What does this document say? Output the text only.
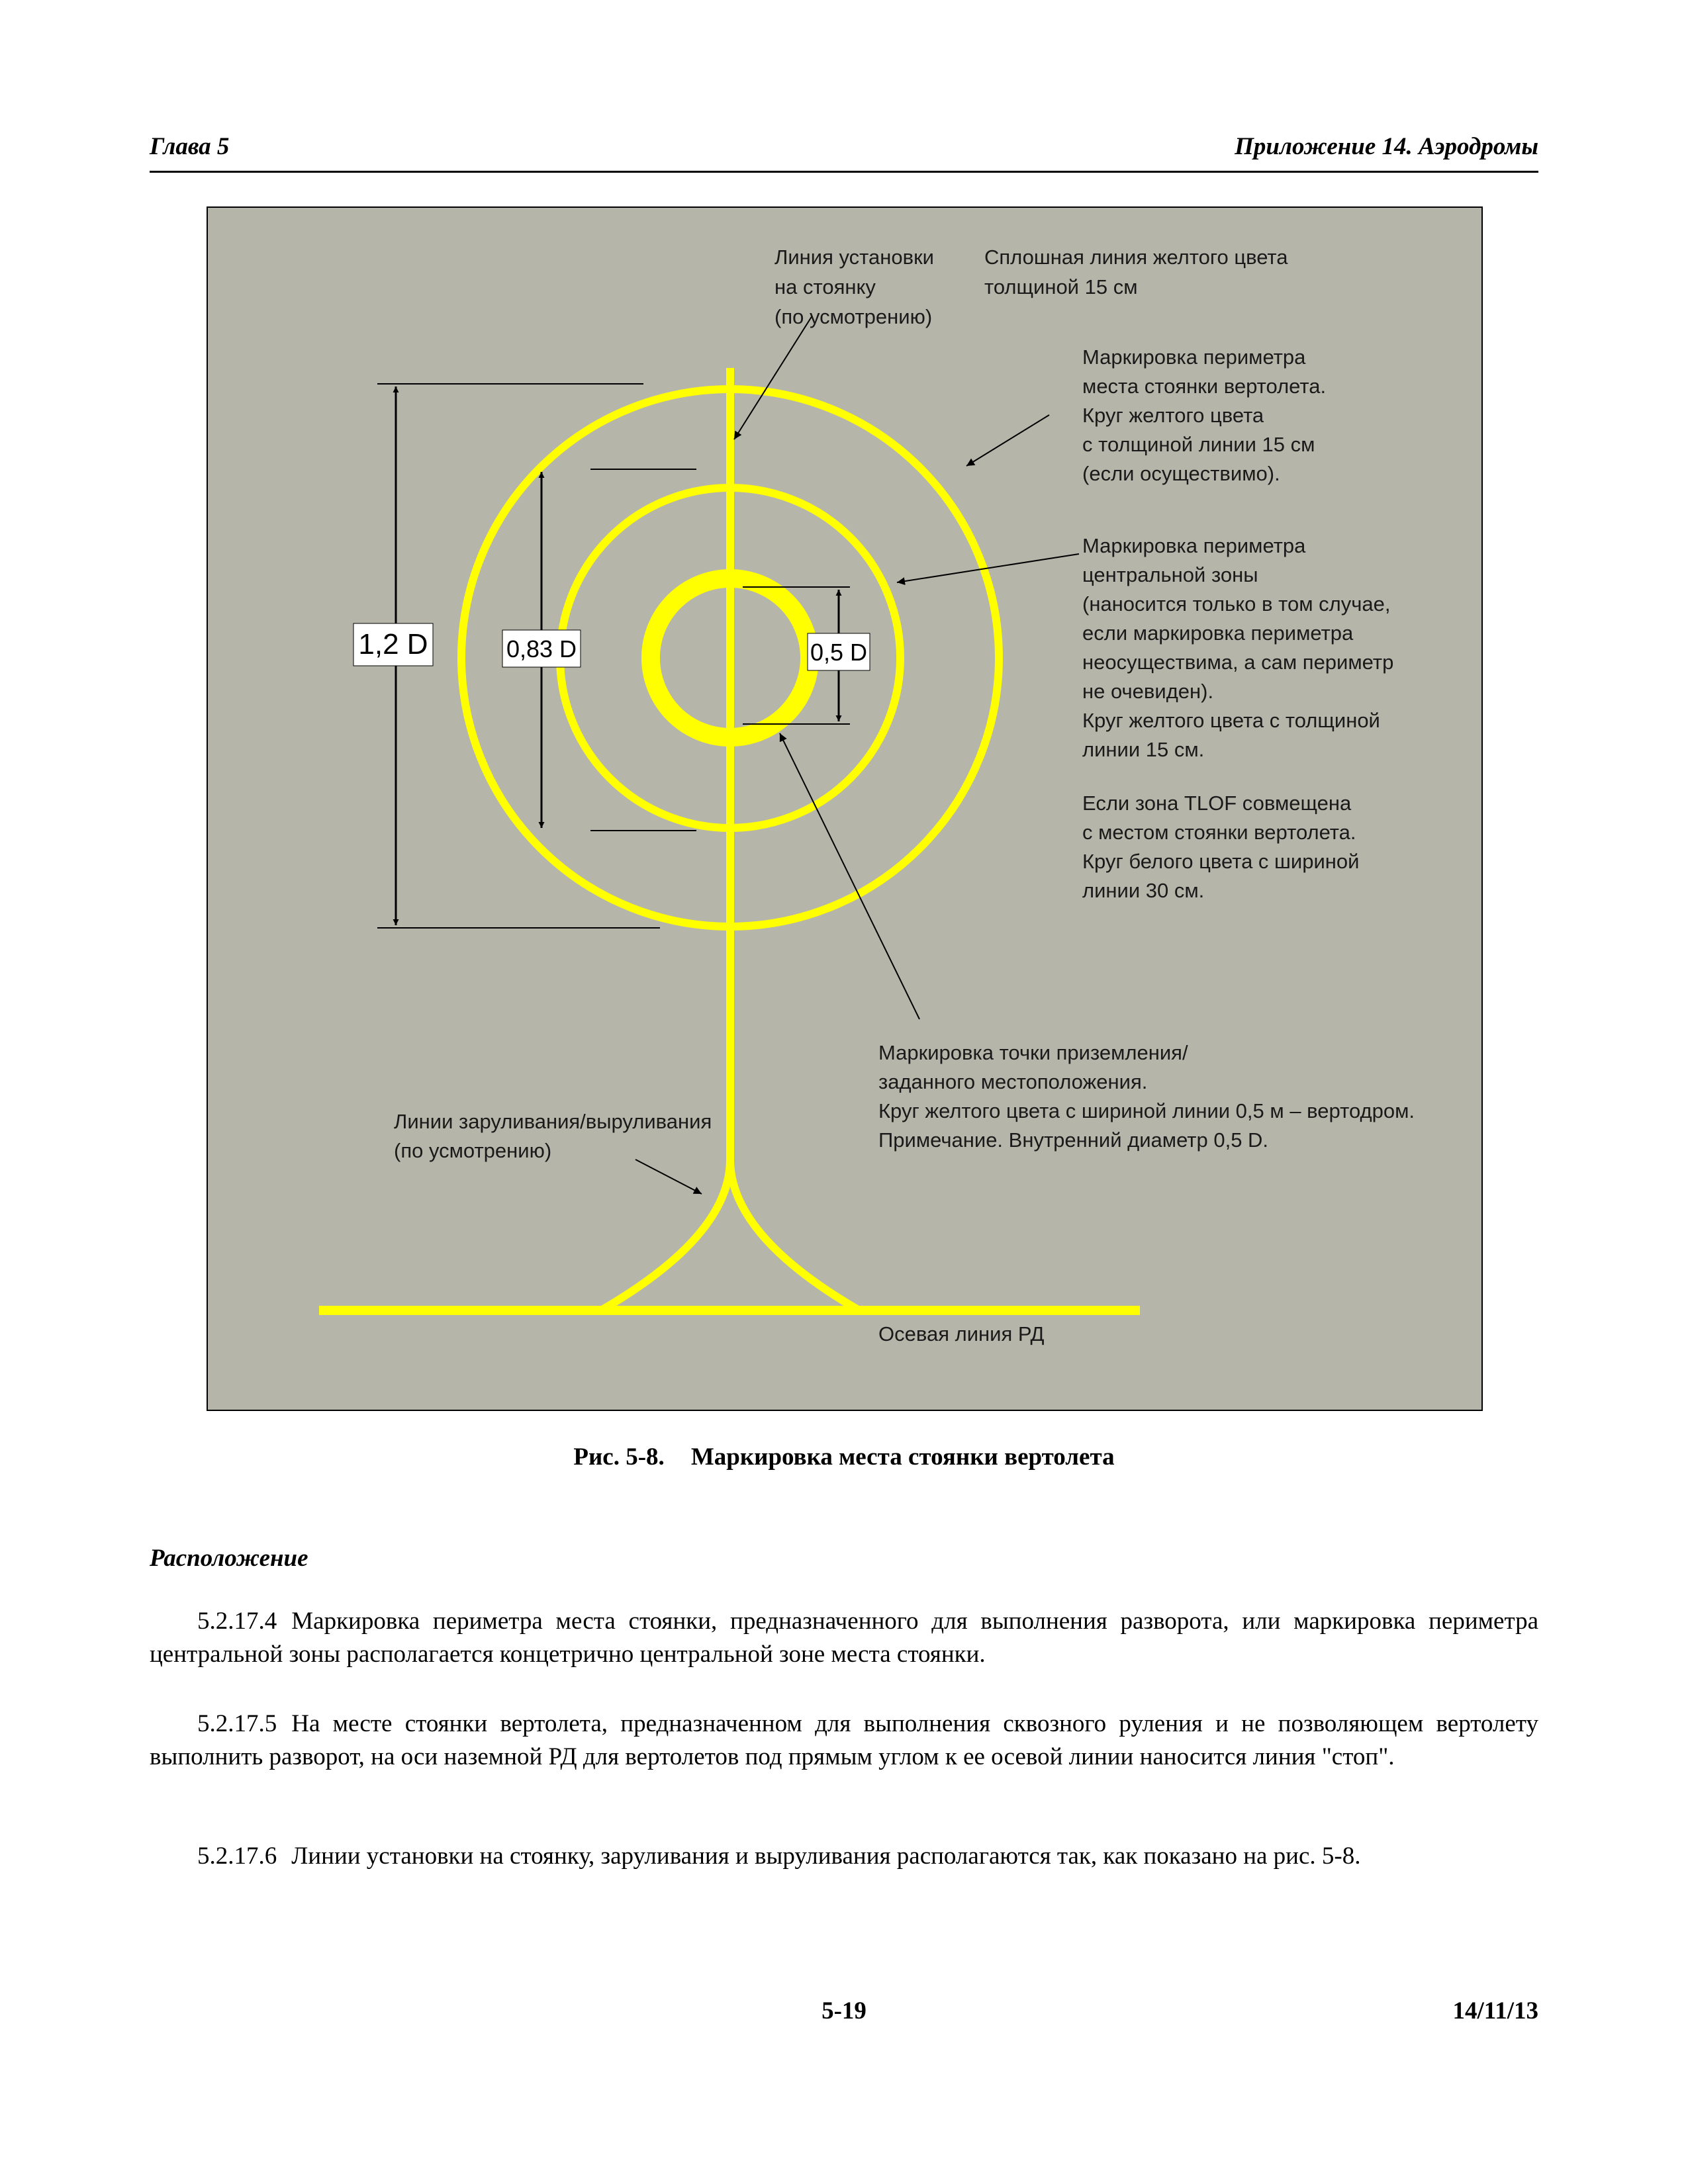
Глава 5	Приложение 14. Аэродромы
1,2 D	0,83 D	0,5 D
Линия установки на стоянку (по усмотрению)
Сплошная линия желтого цвета толщиной 15 см
Маркировка периметра места стоянки вертолета. Круг желтого цвета с толщиной линии 15 см (если осуществимо).
Маркировка периметра центральной зоны (наносится только в том случае, если маркировка периметра неосуществима, а сам периметр не очевиден). Круг желтого цвета с толщиной линии 15 см.
Если зона TLOF совмещена с местом стоянки вертолета. Круг белого цвета с шириной линии 30 см.
Маркировка точки приземления/ заданного местоположения. Круг желтого цвета с шириной линии 0,5 м – вертодром. Примечание. Внутренний диаметр 0,5 D.
Линии заруливания/выруливания (по усмотрению)
Осевая линия РД
Рис. 5-8. Маркировка места стоянки вертолета
Расположение
5.2.17.4 Маркировка периметра места стоянки, предназначенного для выполнения разворота, или маркировка периметра центральной зоны располагается концетрично центральной зоне места стоянки.
5.2.17.5 На месте стоянки вертолета, предназначенном для выполнения сквозного руления и не позволяющем вертолету выполнить разворот, на оси наземной РД для вертолетов под прямым углом к ее осевой линии наносится линия "стоп".
5.2.17.6 Линии установки на стоянку, заруливания и выруливания располагаются так, как показано на рис. 5-8.
5-19	14/11/13
